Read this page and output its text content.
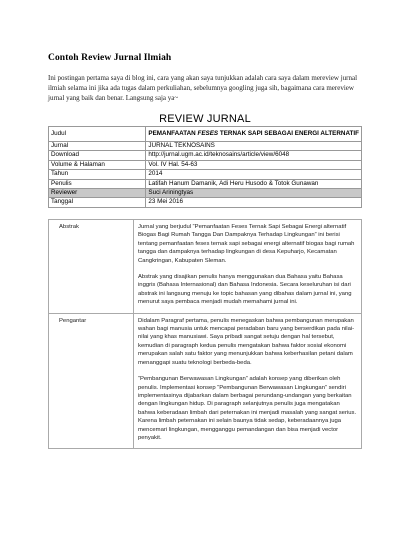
Contoh Review Jurnal Ilmiah
Ini postingan pertama saya di blog ini, cara yang akan saya tunjukkan adalah cara saya dalam mereview jurnal ilmiah selama ini jika ada tugas dalam perkuliahan, sebelumnya googling juga sih, bagaimana cara mereview jurnal yang baik dan benar. Langsung saja ya~
REVIEW JURNAL
Judul	PEMANFAATAN FESES TERNAK SAPI SEBAGAI ENERGI ALTERNATIF
Jurnal	JURNAL TEKNOSAINS
Download	http://jurnal.ugm.ac.id/teknosains/article/view/6048
Volume & Halaman	Vol. IV Hal. 54-63
Tahun	2014
Penulis	Latifah Hanum Damanik, Adi Heru Husodo & Totok Gunawan
Reviewer	Suci Ariningtyas
Tanggal	23 Mei 2016
Abstrak	Jurnal yang berjudul “Pemanfaatan Feses Ternak Sapi Sebagai Energi alternatif Biogas Bagi Rumah Tangga Dan Dampaknya Terhadap Lingkungan” ini berisi tentang pemanfaatan feses ternak sapi sebagai energi alternatif biogas bagi rumah tangga dan dampaknya terhadap lingkungan di desa Kepuharjo, Kecamatan Cangkringan, Kabupaten Sleman.

Abstrak yang disajikan penulis hanya menggunakan dua Bahasa yaitu Bahasa inggris (Bahasa Internasional) dan Bahasa Indonesia. Secara keseluruhan isi dari abstrak ini langsung menuju ke topic bahasan yang dibahas dalam jurnal ini, yang menurut saya pembaca menjadi mudah memahami jurnal ini.

Pengantar	Didalam Paragraf pertama, penulis menegaskan bahwa pembangunan merupakan wahan bagi manusia untuk mencapai peradaban baru yang berserdikan pada nilai-nilai yang khas manusiawi. Saya pribadi sangat setuju dengan hal tersebut, kemudian di paragraph kedua penulis mengatakan bahwa faktor sosial ekonomi merupakan salah satu faktor yang menunjukkan bahwa keberhasilan petani dalam menanggapi suatu teknologi berbeda-beda.

“Pembangunan Berwawasan Lingkungan” adalah konsep yang diberikan oleh penulis. Implementasi konsep “Pembangunan Berwawasan Lingkungan” sendiri implementasinya dijabarkan dalam berbagai perundang-undangan yang berkaitan dengan lingkungan hidup. Di paragraph selanjutnya penulis juga mengatakan bahwa keberadaan limbah dari peternakan ini menjadi masalah yang sangat serius. Karena limbah peternakan ini selain baunya tidak sedap, keberadaannya juga mencemari lingkungan, mengganggu pemandangan dan bisa menjadi vector penyakit.
